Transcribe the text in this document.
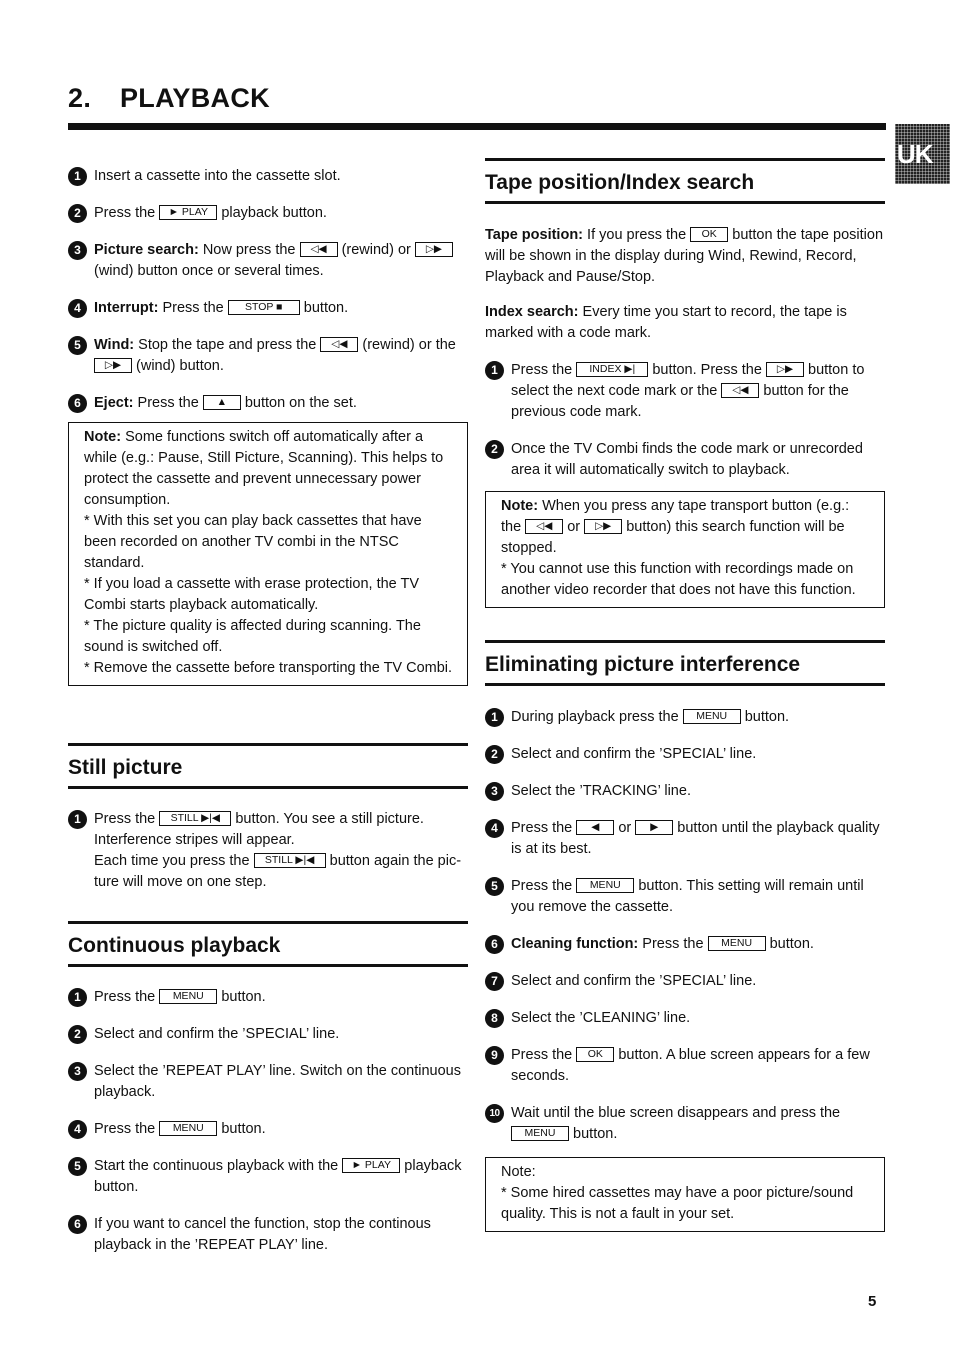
2. PLAYBACK
UK
1 Insert a cassette into the cassette slot.
2 Press the ► PLAY playback button.
3 Picture search: Now press the ◁◀ (rewind) or ▷▶ (wind) button once or several times.
4 Interrupt: Press the STOP ■ button.
5 Wind: Stop the tape and press the ◁◀ (rewind) or the ▷▶ (wind) button.
6 Eject: Press the ▲ button on the set.
Note: Some functions switch off automatically after a while (e.g.: Pause, Still Picture, Scanning). This helps to protect the cassette and prevent unnecessary power consumption.
* With this set you can play back cassettes that have been recorded on another TV combi in the NTSC standard.
* If you load a cassette with erase protection, the TV Combi starts playback automatically.
* The picture quality is affected during scanning. The sound is switched off.
* Remove the cassette before transporting the TV Combi.
Still picture
1 Press the STILL ▶|◀ button. You see a still picture. Interference stripes will appear.
Each time you press the STILL ▶|◀ button again the pic-ture will move on one step.
Continuous playback
1 Press the MENU button.
2 Select and confirm the ’SPECIAL’ line.
3 Select the ’REPEAT PLAY’ line. Switch on the continuous playback.
4 Press the MENU button.
5 Start the continuous playback with the ► PLAY playback button.
6 If you want to cancel the function, stop the continous playback in the ’REPEAT PLAY’ line.
Tape position/Index search

Tape position: If you press the OK button the tape position will be shown in the display during Wind, Rewind, Record, Playback and Pause/Stop.

Index search: Every time you start to record, the tape is marked with a code mark.

1 Press the INDEX ▶| button. Press the ▷▶ button to select the next code mark or the ◁◀ button for the previous code mark.
2 Once the TV Combi finds the code mark or unrecorded area it will automatically switch to playback.
Note: When you press any tape transport button (e.g.: the ◁◀ or ▷▶ button) this search function will be stopped.
* You cannot use this function with recordings made on another video recorder that does not have this function.
Eliminating picture interference
1 During playback press the MENU button.
2 Select and confirm the ’SPECIAL’ line.
3 Select the ’TRACKING’ line.
4 Press the ◀ or ▶ button until the playback quality is at its best.
5 Press the MENU button. This setting will remain until you remove the cassette.
6 Cleaning function: Press the MENU button.
7 Select and confirm the ’SPECIAL’ line.
8 Select the ’CLEANING’ line.
9 Press the OK button. A blue screen appears for a few seconds.
10 Wait until the blue screen disappears and press the MENU button.
Note:
* Some hired cassettes may have a poor picture/sound quality. This is not a fault in your set.
5
